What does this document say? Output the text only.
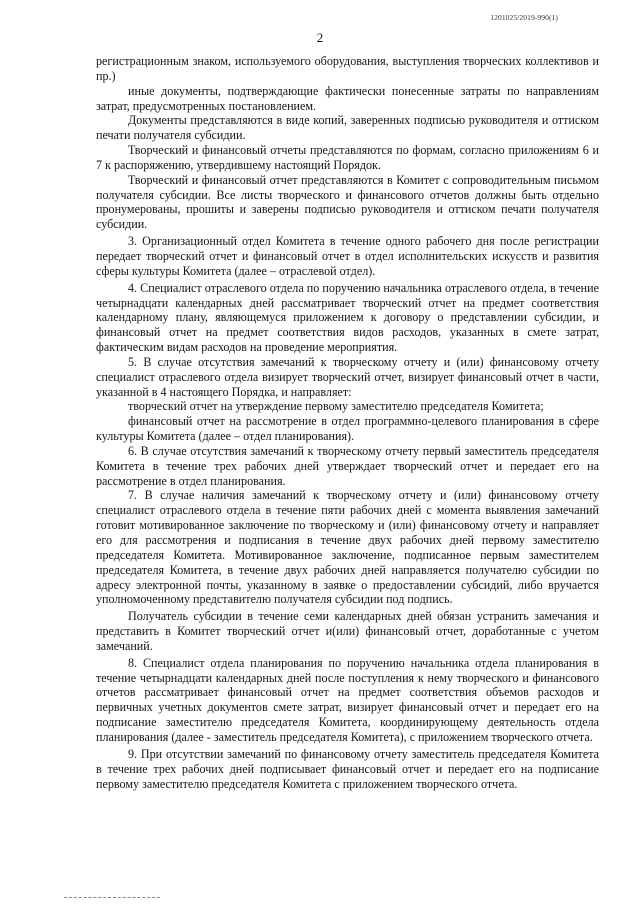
1201025/2019-990(1)
2

регистрационным знаком, используемого оборудования, выступления творческих коллективов и пр.)

иные документы, подтверждающие фактически понесенные затраты по направлениям затрат, предусмотренных постановлением.

Документы представляются в виде копий, заверенных подписью руководителя и оттиском печати получателя субсидии.

Творческий и финансовый отчеты представляются по формам, согласно приложениям 6 и 7 к распоряжению, утвердившему настоящий Порядок.

Творческий и финансовый отчет представляются в Комитет с сопроводительным письмом получателя субсидии. Все листы творческого и финансового отчетов должны быть отдельно пронумерованы, прошиты и заверены подписью руководителя и оттиском печати получателя субсидии.

3. Организационный отдел Комитета в течение одного рабочего дня после регистрации передает творческий отчет и финансовый отчет в отдел исполнительских искусств и развития сферы культуры Комитета (далее – отраслевой отдел).

4. Специалист отраслевого отдела по поручению начальника отраслевого отдела, в течение четырнадцати календарных дней рассматривает творческий отчет на предмет соответствия календарному плану, являющемуся приложением к договору о представлении субсидии, и финансовый отчет на предмет соответствия видов расходов, указанных в смете затрат, фактическим видам расходов на проведение мероприятия.

5. В случае отсутствия замечаний к творческому отчету и (или) финансовому отчету специалист отраслевого отдела визирует творческий отчет, визирует финансовый отчет в части, указанной в 4 настоящего Порядка, и направляет:

творческий отчет на утверждение первому заместителю председателя Комитета;

финансовый отчет на рассмотрение в отдел программно-целевого планирования в сфере культуры Комитета (далее – отдел планирования).

6. В случае отсутствия замечаний к творческому отчету первый заместитель председателя Комитета в течение трех рабочих дней утверждает творческий отчет и передает его на рассмотрение в отдел планирования.

7. В случае наличия замечаний к творческому отчету и (или) финансовому отчету специалист отраслевого отдела в течение пяти рабочих дней с момента выявления замечаний готовит мотивированное заключение по творческому и (или) финансовому отчету и направляет его для рассмотрения и подписания в течение двух рабочих дней первому заместителю председателя Комитета. Мотивированное заключение, подписанное первым заместителем председателя Комитета, в течение двух рабочих дней направляется получателю субсидии по адресу электронной почты, указанному в заявке о предоставлении субсидий, либо вручается уполномоченному представителю получателя субсидии под подпись.

Получатель субсидии в течение семи календарных дней обязан устранить замечания и представить в Комитет творческий отчет и(или) финансовый отчет, доработанные с учетом замечаний.

8. Специалист отдела планирования по поручению начальника отдела планирования в течение четырнадцати календарных дней после поступления к нему творческого и финансового отчетов рассматривает финансовый отчет на предмет соответствия объемов расходов и первичных учетных документов смете затрат, визирует финансовый отчет и передает его на подписание заместителю председателя Комитета, координирующему деятельность отдела планирования (далее - заместитель председателя Комитета), с приложением творческого отчета.

9. При отсутствии замечаний по финансовому отчету заместитель председателя Комитета в течение трех рабочих дней подписывает финансовый отчет и передает его на подписание первому заместителю председателя Комитета с приложением творческого отчета.
